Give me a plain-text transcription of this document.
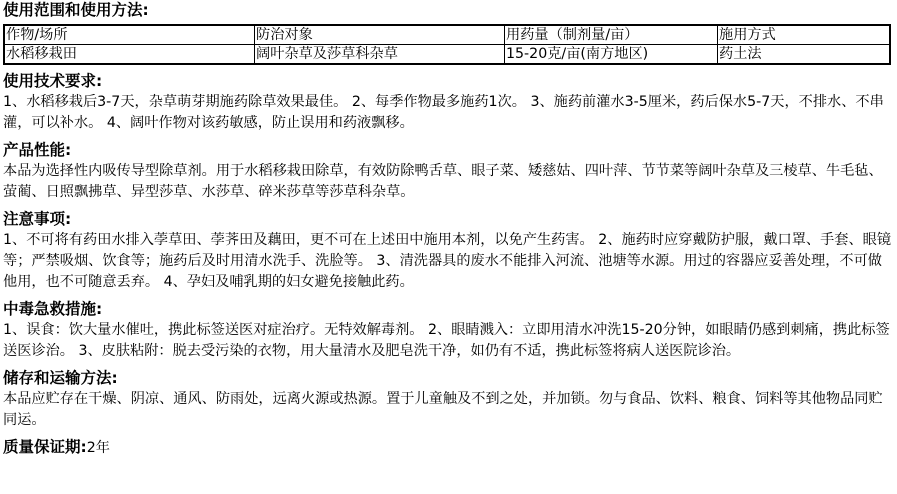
使用范围和使用方法:
作物/场所	防治对象	用药量（制剂量/亩）	施用方式
水稻移栽田	阔叶杂草及莎草科杂草	15-20克/亩(南方地区)	药土法
使用技术要求:

1、水稻移栽后3-7天，杂草萌芽期施药除草效果最佳。 2、每季作物最多施药1次。 3、施药前灌水3-5厘米，药后保水5-7天，不排水、不串灌，可以补水。 4、阔叶作物对该药敏感，防止误用和药液飘移。

产品性能:

本品为选择性内吸传导型除草剂。用于水稻移栽田除草，有效防除鸭舌草、眼子菜、矮慈姑、四叶萍、节节菜等阔叶杂草及三棱草、牛毛毡、萤蔺、日照飘拂草、异型莎草、水莎草、碎米莎草等莎草科杂草。

注意事项:

1、不可将有药田水排入荸草田、荸荠田及藕田，更不可在上述田中施用本剂，以免产生药害。 2、施药时应穿戴防护服，戴口罩、手套、眼镜等；严禁吸烟、饮食等；施药后及时用清水洗手、洗脸等。 3、清洗器具的废水不能排入河流、池塘等水源。用过的容器应妥善处理，不可做他用，也不可随意丢弃。 4、孕妇及哺乳期的妇女避免接触此药。

中毒急救措施:

1、误食：饮大量水催吐，携此标签送医对症治疗。无特效解毒剂。 2、眼睛溅入：立即用清水冲洗15-20分钟，如眼睛仍感到刺痛，携此标签送医诊治。 3、皮肤粘附：脱去受污染的衣物，用大量清水及肥皂洗干净，如仍有不适，携此标签将病人送医院诊治。

储存和运输方法:

本品应贮存在干燥、阴凉、通风、防雨处，远离火源或热源。置于儿童触及不到之处，并加锁。勿与食品、饮料、粮食、饲料等其他物品同贮同运。

质量保证期:2年
